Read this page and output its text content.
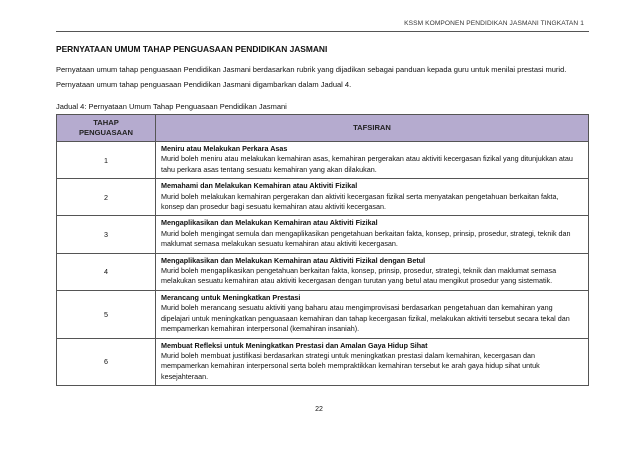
KSSM KOMPONEN PENDIDIKAN JASMANI TINGKATAN 1
PERNYATAAN UMUM TAHAP PENGUASAAN PENDIDIKAN JASMANI
Pernyataan umum tahap penguasaan Pendidikan Jasmani berdasarkan rubrik yang dijadikan sebagai panduan kepada guru untuk menilai prestasi murid. Pernyataan umum tahap penguasaan Pendidikan Jasmani digambarkan dalam Jadual 4.
Jadual 4: Pernyataan Umum Tahap Penguasaan Pendidikan Jasmani
TAHAP PENGUASAAN	TAFSIRAN
1	Meniru atau Melakukan Perkara Asas
Murid boleh meniru atau melakukan kemahiran asas, kemahiran pergerakan atau aktiviti kecergasan fizikal yang ditunjukkan atau tahu perkara asas tentang sesuatu kemahiran yang akan dilakukan.

2	Memahami dan Melakukan Kemahiran atau Aktiviti Fizikal
Murid boleh melakukan kemahiran pergerakan dan aktiviti kecergasan fizikal serta menyatakan pengetahuan berkaitan fakta, konsep dan prosedur bagi sesuatu kemahiran atau aktiviti kecergasan.

3	Mengaplikasikan dan Melakukan Kemahiran atau Aktiviti Fizikal
Murid boleh mengingat semula dan mengaplikasikan pengetahuan berkaitan fakta, konsep, prinsip, prosedur, strategi, teknik dan maklumat semasa melakukan sesuatu kemahiran atau aktiviti kecergasan.

4	Mengaplikasikan dan Melakukan Kemahiran atau Aktiviti Fizikal dengan Betul
Murid boleh mengaplikasikan pengetahuan berkaitan fakta, konsep, prinsip, prosedur, strategi, teknik dan maklumat semasa melakukan sesuatu kemahiran atau aktiviti kecergasan dengan turutan yang betul atau mengikut prosedur yang sistematik.

5	Merancang untuk Meningkatkan Prestasi
Murid boleh merancang sesuatu aktiviti yang baharu atau mengimprovisasi berdasarkan pengetahuan dan kemahiran yang dipelajari untuk meningkatkan penguasaan kemahiran dan tahap kecergasan fizikal, melakukan aktiviti tersebut secara tekal dan mempamerkan kemahiran interpersonal (kemahiran insaniah).

6	Membuat Refleksi untuk Meningkatkan Prestasi dan Amalan Gaya Hidup Sihat
Murid boleh membuat justifikasi berdasarkan strategi untuk meningkatkan prestasi dalam kemahiran, kecergasan dan mempamerkan kemahiran interpersonal serta boleh mempraktikkan kemahiran tersebut ke arah gaya hidup sihat untuk kesejahteraan.
22
